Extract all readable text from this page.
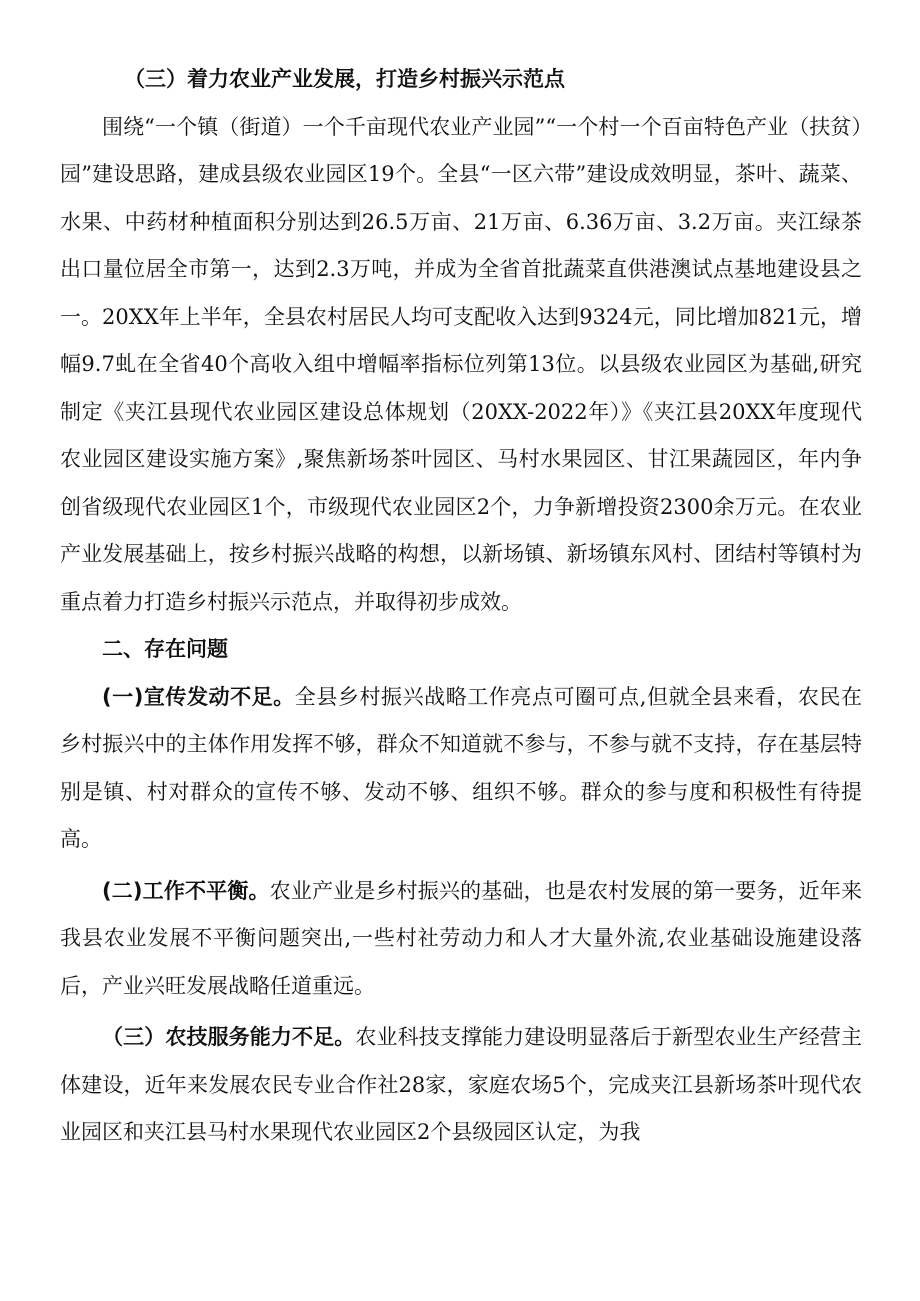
（三）着力农业产业发展，打造乡村振兴示范点

围绕“一个镇（街道）一个千亩现代农业产业园”“一个村一个百亩特色产业（扶贫）园”建设思路，建成县级农业园区19个。全县“一区六带”建设成效明显，茶叶、蔬菜、水果、中药材种植面积分别达到26.5万亩、21万亩、6.36万亩、3.2万亩。夹江绿茶出口量位居全市第一，达到2.3万吨，并成为全省首批蔬菜直供港澳试点基地建设县之一。20XX年上半年，全县农村居民人均可支配收入达到9324元，同比增加821元，增幅9.7虬在全省40个高收入组中增幅率指标位列第13位。以县级农业园区为基础,研究制定《夹江县现代农业园区建设总体规划（20XX-2022年）》《夹江县20XX年度现代农业园区建设实施方案》,聚焦新场茶叶园区、马村水果园区、甘江果蔬园区，年内争创省级现代农业园区1个，市级现代农业园区2个，力争新增投资2300余万元。在农业产业发展基础上，按乡村振兴战略的构想，以新场镇、新场镇东风村、团结村等镇村为重点着力打造乡村振兴示范点，并取得初步成效。

二、存在问题

(一)宣传发动不足。全县乡村振兴战略工作亮点可圈可点,但就全县来看，农民在乡村振兴中的主体作用发挥不够，群众不知道就不参与，不参与就不支持，存在基层特别是镇、村对群众的宣传不够、发动不够、组织不够。群众的参与度和积极性有待提高。

(二)工作不平衡。农业产业是乡村振兴的基础，也是农村发展的第一要务，近年来我县农业发展不平衡问题突出,一些村社劳动力和人才大量外流,农业基础设施建设落后，产业兴旺发展战略任道重远。

（三）农技服务能力不足。农业科技支撑能力建设明显落后于新型农业生产经营主体建设，近年来发展农民专业合作社28家，家庭农场5个，完成夹江县新场茶叶现代农业园区和夹江县马村水果现代农业园区2个县级园区认定，为我
